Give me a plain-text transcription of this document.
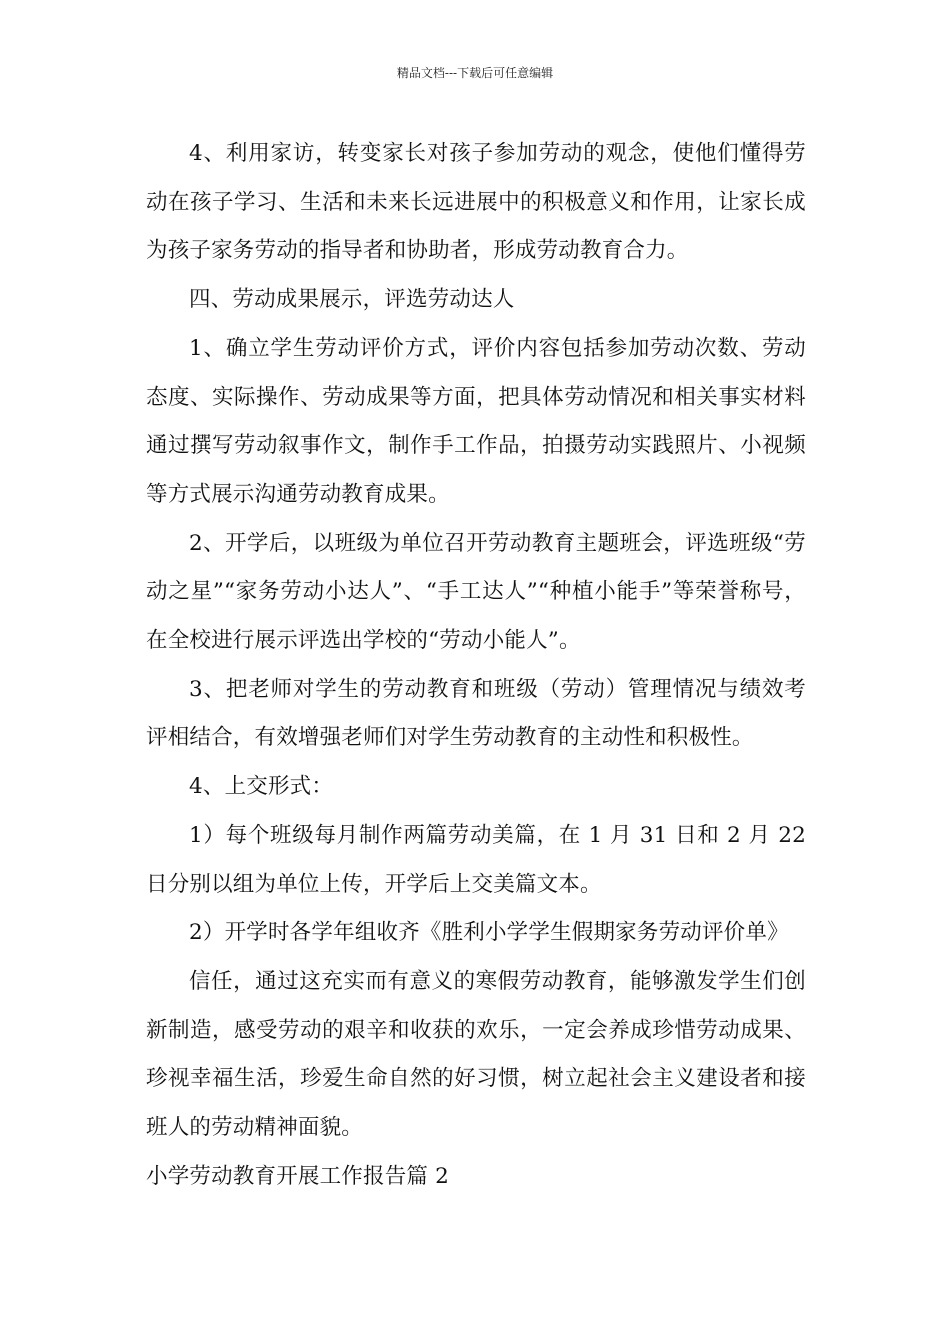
精品文档---下载后可任意编辑

4、利用家访，转变家长对孩子参加劳动的观念，使他们懂得劳动在孩子学习、生活和未来长远进展中的积极意义和作用，让家长成为孩子家务劳动的指导者和协助者，形成劳动教育合力。

四、劳动成果展示，评选劳动达人

1、确立学生劳动评价方式，评价内容包括参加劳动次数、劳动态度、实际操作、劳动成果等方面，把具体劳动情况和相关事实材料通过撰写劳动叙事作文，制作手工作品，拍摄劳动实践照片、小视频等方式展示沟通劳动教育成果。

2、开学后，以班级为单位召开劳动教育主题班会，评选班级“劳动之星”“家务劳动小达人”、“手工达人”“种植小能手”等荣誉称号，在全校进行展示评选出学校的“劳动小能人”。

3、把老师对学生的劳动教育和班级（劳动）管理情况与绩效考评相结合，有效增强老师们对学生劳动教育的主动性和积极性。

4、上交形式：

1）每个班级每月制作两篇劳动美篇，在 1 月 31 日和 2 月 22 日分别以组为单位上传，开学后上交美篇文本。

2）开学时各学年组收齐《胜利小学学生假期家务劳动评价单》

信任，通过这充实而有意义的寒假劳动教育，能够激发学生们创新制造，感受劳动的艰辛和收获的欢乐，一定会养成珍惜劳动成果、珍视幸福生活，珍爱生命自然的好习惯，树立起社会主义建设者和接班人的劳动精神面貌。

小学劳动教育开展工作报告篇 2
